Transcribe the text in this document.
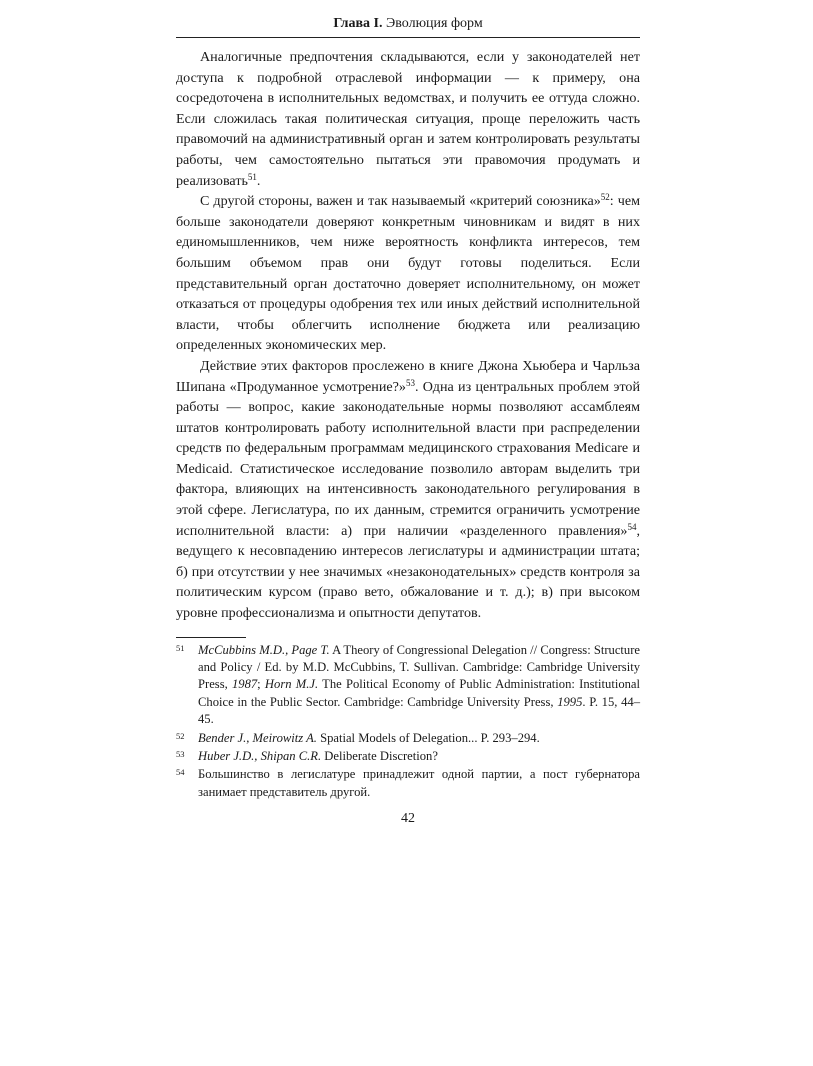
Глава I. Эволюция форм

Аналогичные предпочтения складываются, если у законодателей нет доступа к подробной отраслевой информации — к примеру, она сосредоточена в исполнительных ведомствах, и получить ее оттуда сложно. Если сложилась такая политическая ситуация, проще переложить часть правомочий на административный орган и затем контролировать результаты работы, чем самостоятельно пытаться эти правомочия продумать и реализовать$^{51}$.

С другой стороны, важен и так называемый «критерий союзника»$^{52}$: чем больше законодатели доверяют конкретным чиновникам и видят в них единомышленников, чем ниже вероятность конфликта интересов, тем большим объемом прав они будут готовы поделиться. Если представительный орган достаточно доверяет исполнительному, он может отказаться от процедуры одобрения тех или иных действий исполнительной власти, чтобы облегчить исполнение бюджета или реализацию определенных экономических мер.

Действие этих факторов прослежено в книге Джона Хьюбера и Чарльза Шипана «Продуманное усмотрение?»$^{53}$. Одна из центральных проблем этой работы — вопрос, какие законодательные нормы позволяют ассамблеям штатов контролировать работу исполнительной власти при распределении средств по федеральным программам медицинского страхования Medicare и Medicaid. Статистическое исследование позволило авторам выделить три фактора, влияющих на интенсивность законодательного регулирования в этой сфере. Легислатура, по их данным, стремится ограничить усмотрение исполнительной власти: а) при наличии «разделенного правления»$^{54}$, ведущего к несовпадению интересов легислатуры и администрации штата; б) при отсутствии у нее значимых «незаконодательных» средств контроля за политическим курсом (право вето, обжалование и т. д.); в) при высоком уровне профессионализма и опытности депутатов.

51	McCubbins M.D., Page T. A Theory of Congressional Delegation // Congress: Structure and Policy / Ed. by M.D. McCubbins, T. Sullivan. Cambridge: Cambridge University Press, 1987; Horn M.J. The Political Economy of Public Administration: Institutional Choice in the Public Sector. Cambridge: Cambridge University Press, 1995. P. 15, 44–45.
52	Bender J., Meirowitz A. Spatial Models of Delegation... P. 293–294.
53	Huber J.D., Shipan C.R. Deliberate Discretion?
54	Большинство в легислатуре принадлежит одной партии, а пост губернатора занимает представитель другой.
42
